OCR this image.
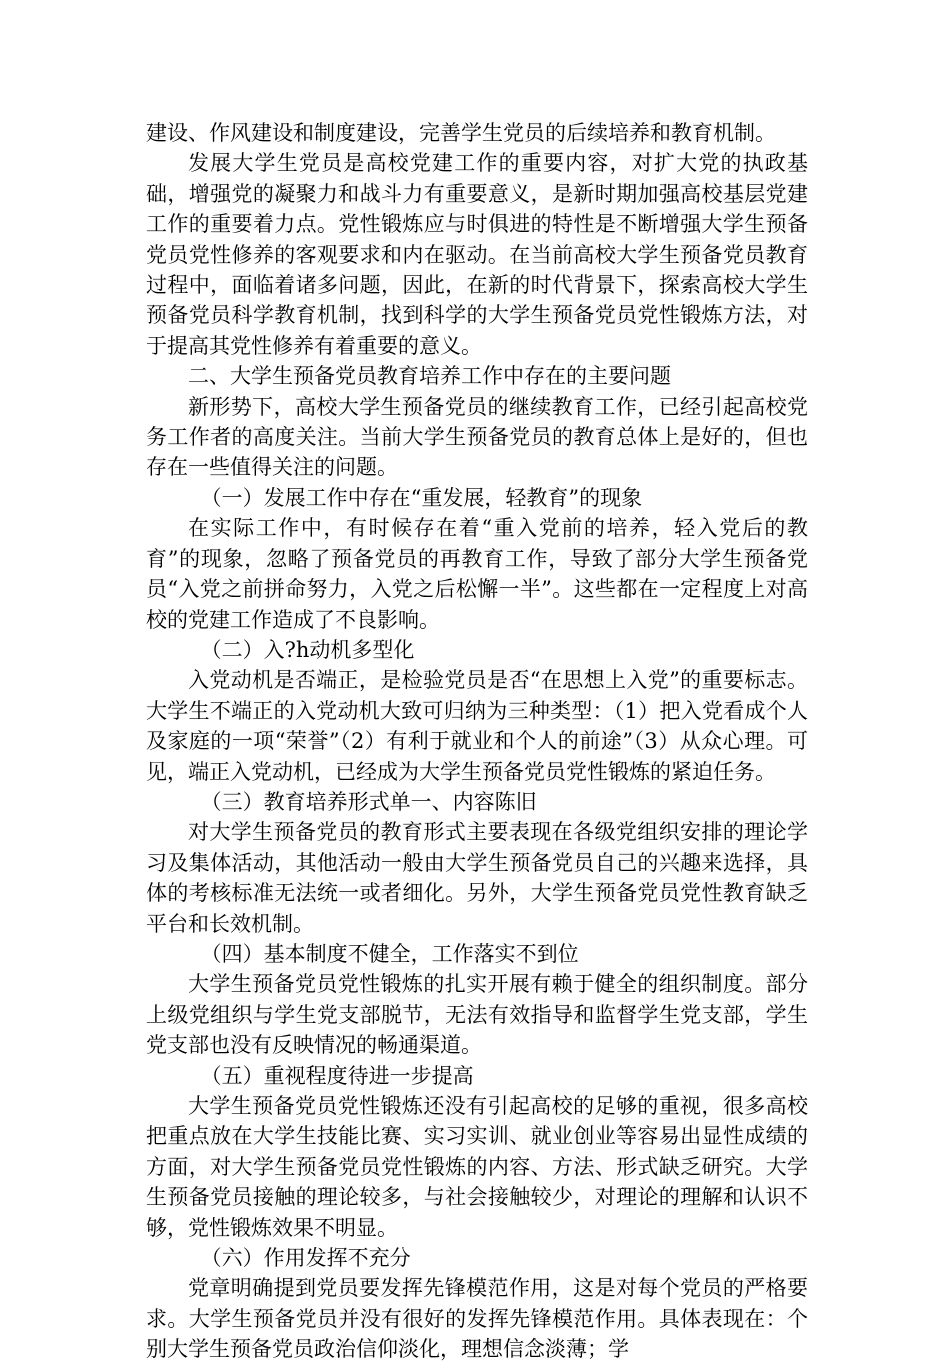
建设、作风建设和制度建设，完善学生党员的后续培养和教育机制。

发展大学生党员是高校党建工作的重要内容，对扩大党的执政基础，增强党的凝聚力和战斗力有重要意义，是新时期加强高校基层党建工作的重要着力点。党性锻炼应与时俱进的特性是不断增强大学生预备党员党性修养的客观要求和内在驱动。在当前高校大学生预备党员教育过程中，面临着诸多问题，因此，在新的时代背景下，探索高校大学生预备党员科学教育机制，找到科学的大学生预备党员党性锻炼方法，对于提高其党性修养有着重要的意义。

二、大学生预备党员教育培养工作中存在的主要问题

新形势下，高校大学生预备党员的继续教育工作，已经引起高校党务工作者的高度关注。当前大学生预备党员的教育总体上是好的，但也存在一些值得关注的问题。

（一）发展工作中存在“重发展，轻教育”的现象

在实际工作中，有时候存在着“重入党前的培养，轻入党后的教育”的现象，忽略了预备党员的再教育工作，导致了部分大学生预备党员“入党之前拼命努力，入党之后松懈一半”。这些都在一定程度上对高校的党建工作造成了不良影响。

（二）入?h动机多型化

入党动机是否端正，是检验党员是否“在思想上入党”的重要标志。大学生不端正的入党动机大致可归纳为三种类型：（1）把入党看成个人及家庭的一项“荣誉”（2）有利于就业和个人的前途”（3）从众心理。可见，端正入党动机，已经成为大学生预备党员党性锻炼的紧迫任务。

（三）教育培养形式单一、内容陈旧

对大学生预备党员的教育形式主要表现在各级党组织安排的理论学习及集体活动，其他活动一般由大学生预备党员自己的兴趣来选择，具体的考核标准无法统一或者细化。另外，大学生预备党员党性教育缺乏平台和长效机制。

（四）基本制度不健全，工作落实不到位

大学生预备党员党性锻炼的扎实开展有赖于健全的组织制度。部分上级党组织与学生党支部脱节，无法有效指导和监督学生党支部，学生党支部也没有反映情况的畅通渠道。

（五）重视程度待进一步提高

大学生预备党员党性锻炼还没有引起高校的足够的重视，很多高校把重点放在大学生技能比赛、实习实训、就业创业等容易出显性成绩的方面，对大学生预备党员党性锻炼的内容、方法、形式缺乏研究。大学生预备党员接触的理论较多，与社会接触较少，对理论的理解和认识不够，党性锻炼效果不明显。

（六）作用发挥不充分

党章明确提到党员要发挥先锋模范作用，这是对每个党员的严格要求。大学生预备党员并没有很好的发挥先锋模范作用。具体表现在：个别大学生预备党员政治信仰淡化，理想信念淡薄；学
